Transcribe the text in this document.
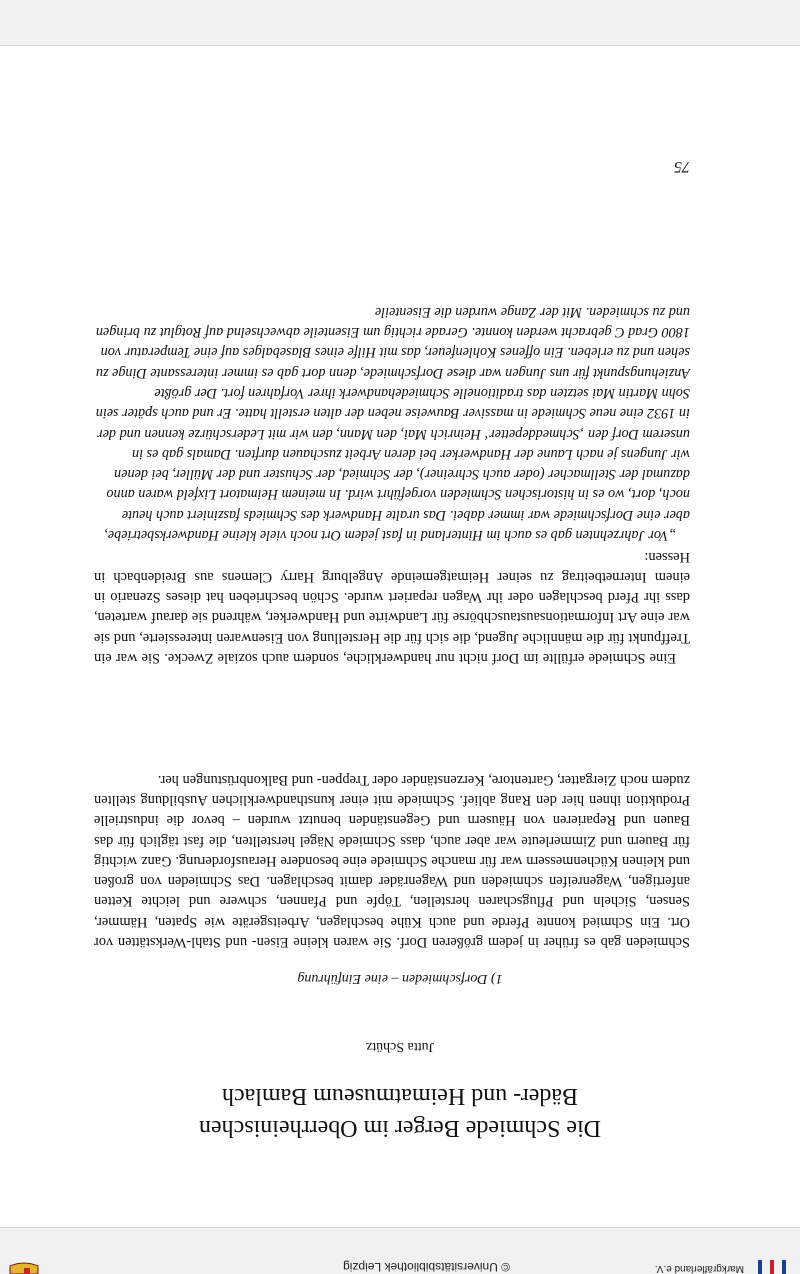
Markgräflerland e.V.
© Universitätsbibliothek Leipzig
Die Schmiede Berger im Oberrheinischen Bäder- und Heimatmuseum Bamlach
Jutta Schütz
1) Dorfschmieden – eine Einführung

Schmieden gab es früher in jedem größeren Dorf. Sie waren kleine Eisen- und Stahl-Werkstätten vor Ort. Ein Schmied konnte Pferde und auch Kühe beschlagen, Arbeitsgeräte wie Spaten, Hämmer, Sensen, Sicheln und Pflugscharen herstellen, Töpfe und Pfannen, schwere und leichte Ketten anfertigen, Wagenreifen schmieden und Wagenräder damit beschlagen. Das Schmieden von großen und kleinen Küchenmessern war für manche Schmiede eine besondere Herausforderung. Ganz wichtig für Bauern und Zimmerleute war aber auch, dass Schmiede Nägel herstellten, die fast täglich für das Bauen und Reparieren von Häusern und Gegenständen benutzt wurden – bevor die industrielle Produktion ihnen hier den Rang ablief. Schmiede mit einer kunsthandwerklichen Ausbildung stellten zudem noch Ziergatter, Gartentore, Kerzenständer oder Treppen- und Balkonbrüstungen her.

Eine Schmiede erfüllte im Dorf nicht nur handwerkliche, sondern auch soziale Zwecke. Sie war ein Treffpunkt für die männliche Jugend, die sich für die Herstellung von Eisenwaren interessierte, und sie war eine Art Informationsaustauschbörse für Landwirte und Handwerker, während sie darauf warteten, dass ihr Pferd beschlagen oder ihr Wagen repariert wurde. Schön beschrieben hat dieses Szenario in einem Internetbeitrag zu seiner Heimatgemeinde Angelburg Harry Clemens aus Breidenbach in Hessen:

„Vor Jahrzehnten gab es auch im Hinterland in fast jedem Ort noch viele kleine Handwerksbetriebe, aber eine Dorfschmiede war immer dabei. Das uralte Handwerk des Schmieds fasziniert auch heute noch, dort, wo es in historischen Schmieden vorgeführt wird. In meinem Heimatort Lixfeld waren anno dazumal der Stellmacher (oder auch Schreiner), der Schmied, der Schuster und der Müller, bei denen wir Jungens je nach Laune der Handwerker bei deren Arbeit zuschauen durften. Damals gab es in unserem Dorf den ‚Schmeddepetter‘ Heinrich Mai, den Mann, den wir mit Lederschürze kennen und der in 1932 eine neue Schmiede in massiver Bauweise neben der alten erstellt hatte. Er und auch später sein Sohn Martin Mai setzten das traditionelle Schmiedehandwerk ihrer Vorfahren fort. Der größte Anziehungspunkt für uns Jungen war diese Dorfschmiede, denn dort gab es immer interessante Dinge zu sehen und zu erleben. Ein offenes Kohlenfeuer, das mit Hilfe eines Blasebalges auf eine Temperatur von 1800 Grad C gebracht werden konnte. Gerade richtig um Eisenteile abwechselnd auf Rotglut zu bringen und zu schmieden. Mit der Zange wurden die Eisenteile

75
